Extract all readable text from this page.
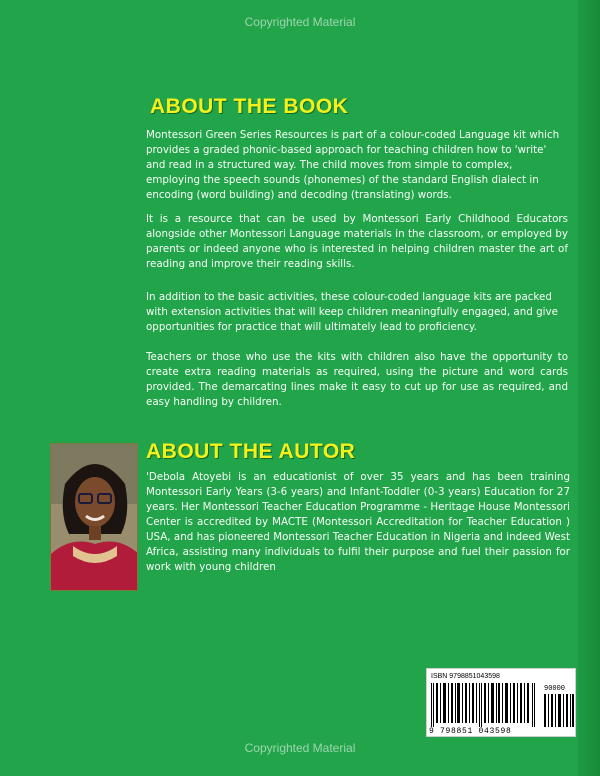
Copyrighted Material
ABOUT THE BOOK

Montessori Green Series Resources is part of a colour-coded Language kit which provides a graded phonic-based approach for teaching children how to 'write' and read in a structured way. The child moves from simple to complex, employing the speech sounds (phonemes) of the standard English dialect in encoding (word building) and decoding (translating) words.

It is a resource that can be used by Montessori Early Childhood Educators alongside other Montessori Language materials in the classroom, or employed by parents or indeed anyone who is interested in helping children master the art of reading and improve their reading skills.

In addition to the basic activities, these colour-coded language kits are packed with extension activities that will keep children meaningfully engaged, and give opportunities for practice that will ultimately lead to proficiency.

Teachers or those who use the kits with children also have the opportunity to create extra reading materials as required, using the picture and word cards provided. The demarcating lines make it easy to cut up for use as required, and easy handling by children.

ABOUT THE AUTOR

'Debola Atoyebi is an educationist of over 35 years and has been training Montessori Early Years (3-6 years) and Infant-Toddler (0-3 years) Education for 27 years. Her Montessori Teacher Education Programme - Heritage House Montessori Center is accredited by MACTE (Montessori Accreditation for Teacher Education ) USA, and has pioneered Montessori Teacher Education in Nigeria and indeed West Africa, assisting many individuals to fulfil their purpose and fuel their passion for work with young children

ISBN 9798851043598
90000
9 798851 043598
Copyrighted Material
